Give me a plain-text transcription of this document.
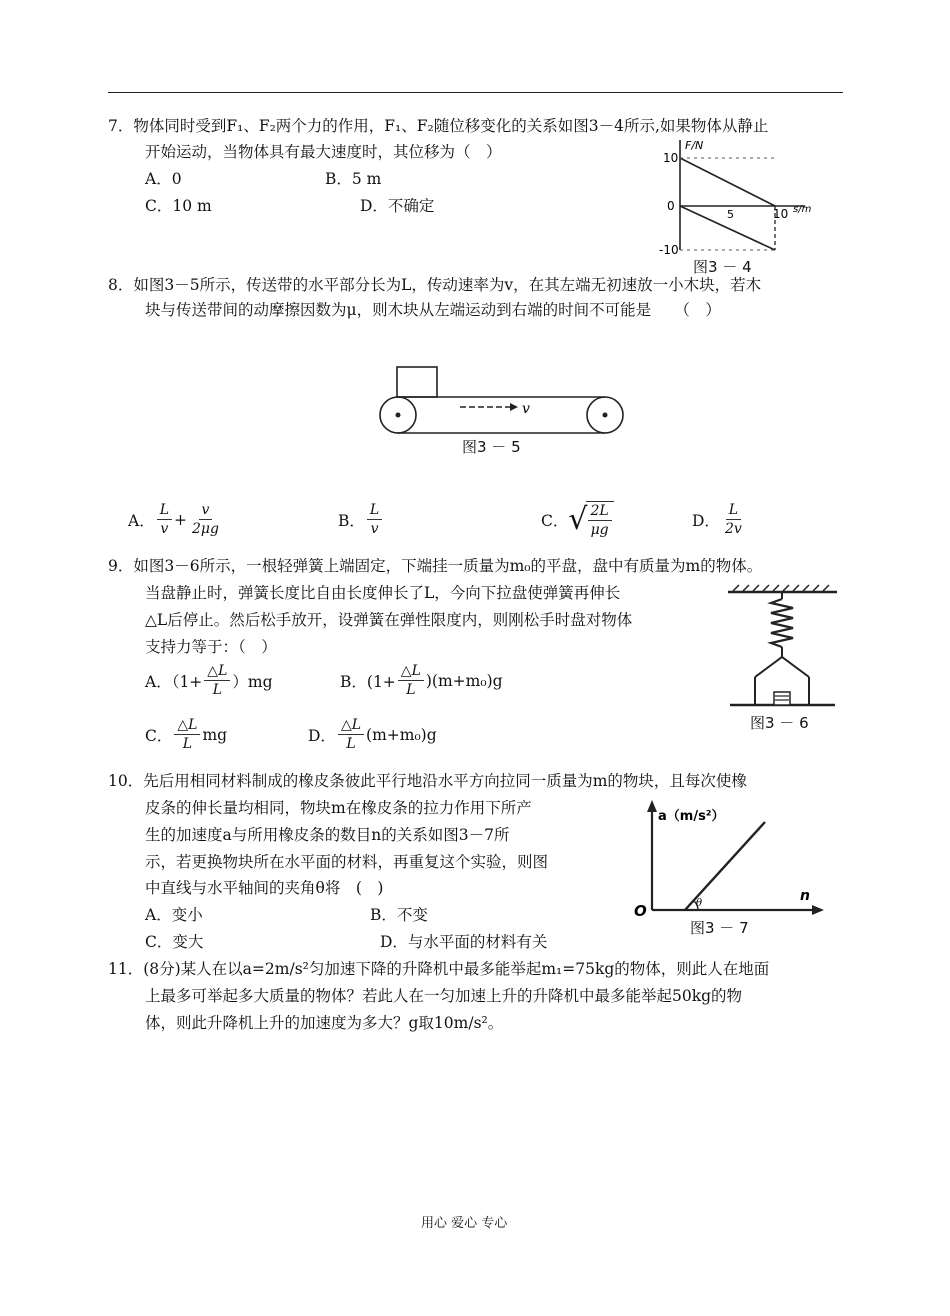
7．物体同时受到F₁、F₂两个力的作用，F₁、F₂随位移变化的关系如图3－4所示,如果物体从静止
开始运动，当物体具有最大速度时，其位移为（　）
A．0	B．5 m
C．10 m	D．不确定
F/N
10
0
-10
5	10 s/m
图3 － 4
8．如图3－5所示，传送带的水平部分长为L，传动速率为v，在其左端无初速放一小木块，若木
块与传送带间的动摩擦因数为μ，则木块从左端运动到右端的时间不可能是　　（　）
v
图3 － 5
A． $\frac{L}{v} + \frac{v}{2\mu g}$	B． $\frac{L}{v}$	C． √ $\frac{2L}{\mu g}$	D． $\frac{L}{2v}$
9．如图3－6所示，一根轻弹簧上端固定，下端挂一质量为m₀的平盘，盘中有质量为m的物体。
当盘静止时，弹簧长度比自由长度伸长了L，今向下拉盘使弹簧再伸长
△L后停止。然后松手放开，设弹簧在弹性限度内，则刚松手时盘对物体
支持力等于：（　）
A．$(1+ \frac{\triangle L}{L} )mg$	B．$(1+ \frac{\triangle L}{L} )(m+m_0)g$
C． $\frac{\triangle L}{L}$ mg	D． $\frac{\triangle L}{L} (m+m_0)g$
图3 － 6
10．先后用相同材料制成的橡皮条彼此平行地沿水平方向拉同一质量为m的物块，且每次使橡
皮条的伸长量均相同，物块m在橡皮条的拉力作用下所产
生的加速度a与所用橡皮条的数目n的关系如图3－7所
示，若更换物块所在水平面的材料，再重复这个实验，则图
中直线与水平轴间的夹角θ将　(　)
A．变小	B．不变
C．变大	D．与水平面的材料有关
O
a（m/s²）
n
θ
图3 － 7
11．(8分)某人在以a=2m/s²匀加速下降的升降机中最多能举起m₁=75kg的物体，则此人在地面
上最多可举起多大质量的物体？若此人在一匀加速上升的升降机中最多能举起50kg的物
体，则此升降机上升的加速度为多大？g取10m/s²。
用心 爱心 专心
